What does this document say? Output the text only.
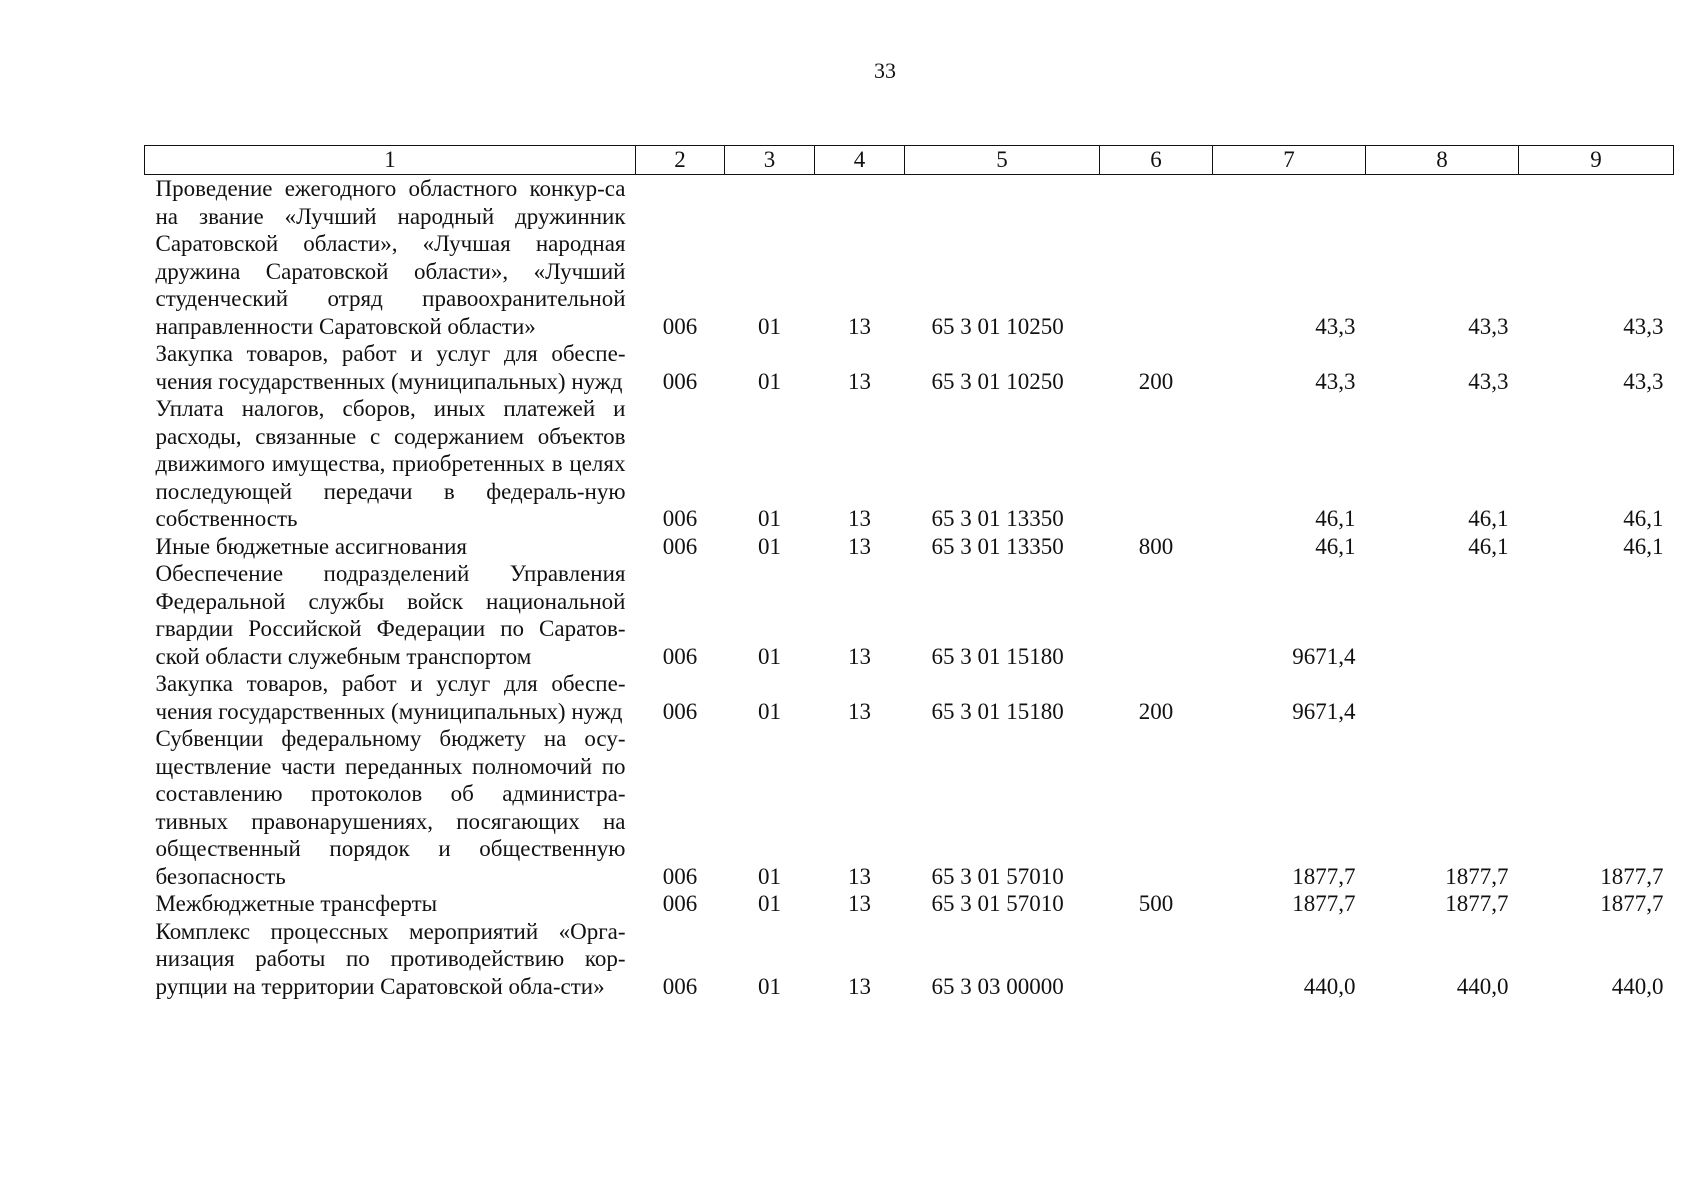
33
1	2	3	4	5	6	7	8	9
Проведение ежегодного областного конкур-са на звание «Лучший народный дружинник Саратовской области», «Лучшая народная дружина Саратовской области», «Лучший студенческий отряд правоохранительной направленности Саратовской области»	006	01	13	65 3 01 10250		43,3	43,3	43,3
Закупка товаров, работ и услуг для обеспе-чения государственных (муниципальных) нужд	006	01	13	65 3 01 10250	200	43,3	43,3	43,3
Уплата налогов, сборов, иных платежей и расходы, связанные с содержанием объектов движимого имущества, приобретенных в целях последующей передачи в федераль-ную собственность	006	01	13	65 3 01 13350		46,1	46,1	46,1
Иные бюджетные ассигнования	006	01	13	65 3 01 13350	800	46,1	46,1	46,1
Обеспечение подразделений Управления Федеральной службы войск национальной гвардии Российской Федерации по Саратов-ской области служебным транспортом	006	01	13	65 3 01 15180		9671,4		
Закупка товаров, работ и услуг для обеспе-чения государственных (муниципальных) нужд	006	01	13	65 3 01 15180	200	9671,4		
Субвенции федеральному бюджету на осу-ществление части переданных полномочий по составлению протоколов об администра-тивных правонарушениях, посягающих на общественный порядок и общественную безопасность	006	01	13	65 3 01 57010		1877,7	1877,7	1877,7
Межбюджетные трансферты	006	01	13	65 3 01 57010	500	1877,7	1877,7	1877,7
Комплекс процессных мероприятий «Орга-низация работы по противодействию кор-рупции на территории Саратовской обла-сти»	006	01	13	65 3 03 00000		440,0	440,0	440,0
